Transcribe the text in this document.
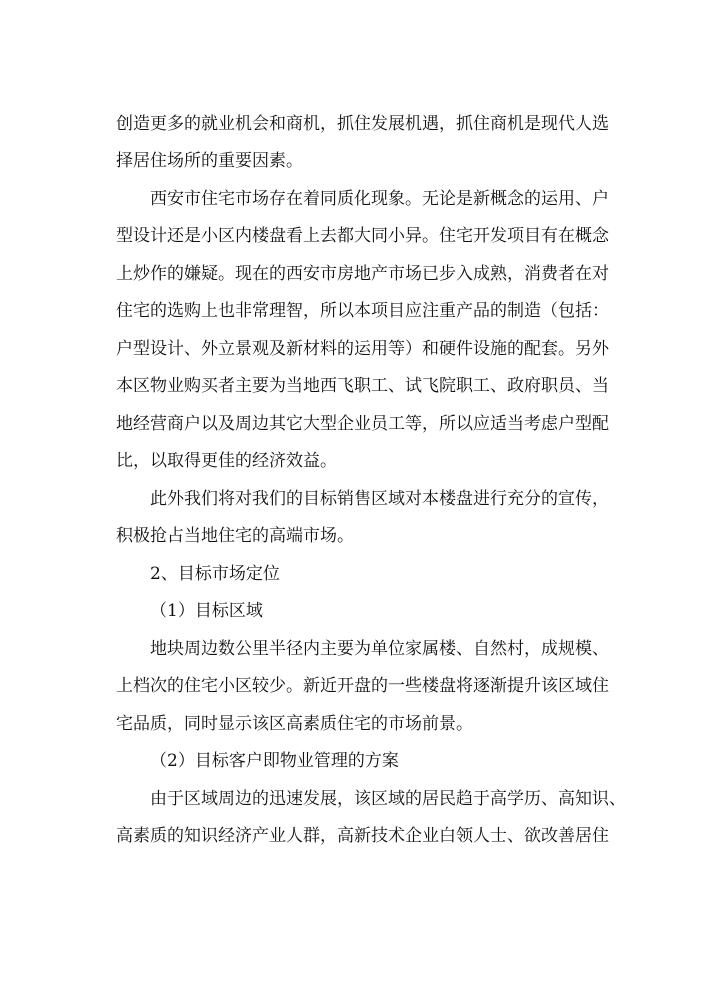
创造更多的就业机会和商机，抓住发展机遇，抓住商机是现代人选
择居住场所的重要因素。
西安市住宅市场存在着同质化现象。无论是新概念的运用、户
型设计还是小区内楼盘看上去都大同小异。住宅开发项目有在概念
上炒作的嫌疑。现在的西安市房地产市场已步入成熟，消费者在对
住宅的选购上也非常理智，所以本项目应注重产品的制造（包括：
户型设计、外立景观及新材料的运用等）和硬件设施的配套。另外
本区物业购买者主要为当地西飞职工、试飞院职工、政府职员、当
地经营商户以及周边其它大型企业员工等，所以应适当考虑户型配
比，以取得更佳的经济效益。
此外我们将对我们的目标销售区域对本楼盘进行充分的宣传，
积极抢占当地住宅的高端市场。
2、目标市场定位
（1）目标区域
地块周边数公里半径内主要为单位家属楼、自然村，成规模、
上档次的住宅小区较少。新近开盘的一些楼盘将逐渐提升该区域住
宅品质，同时显示该区高素质住宅的市场前景。
（2）目标客户即物业管理的方案
由于区域周边的迅速发展，该区域的居民趋于高学历、高知识、
高素质的知识经济产业人群，高新技术企业白领人士、欲改善居住
